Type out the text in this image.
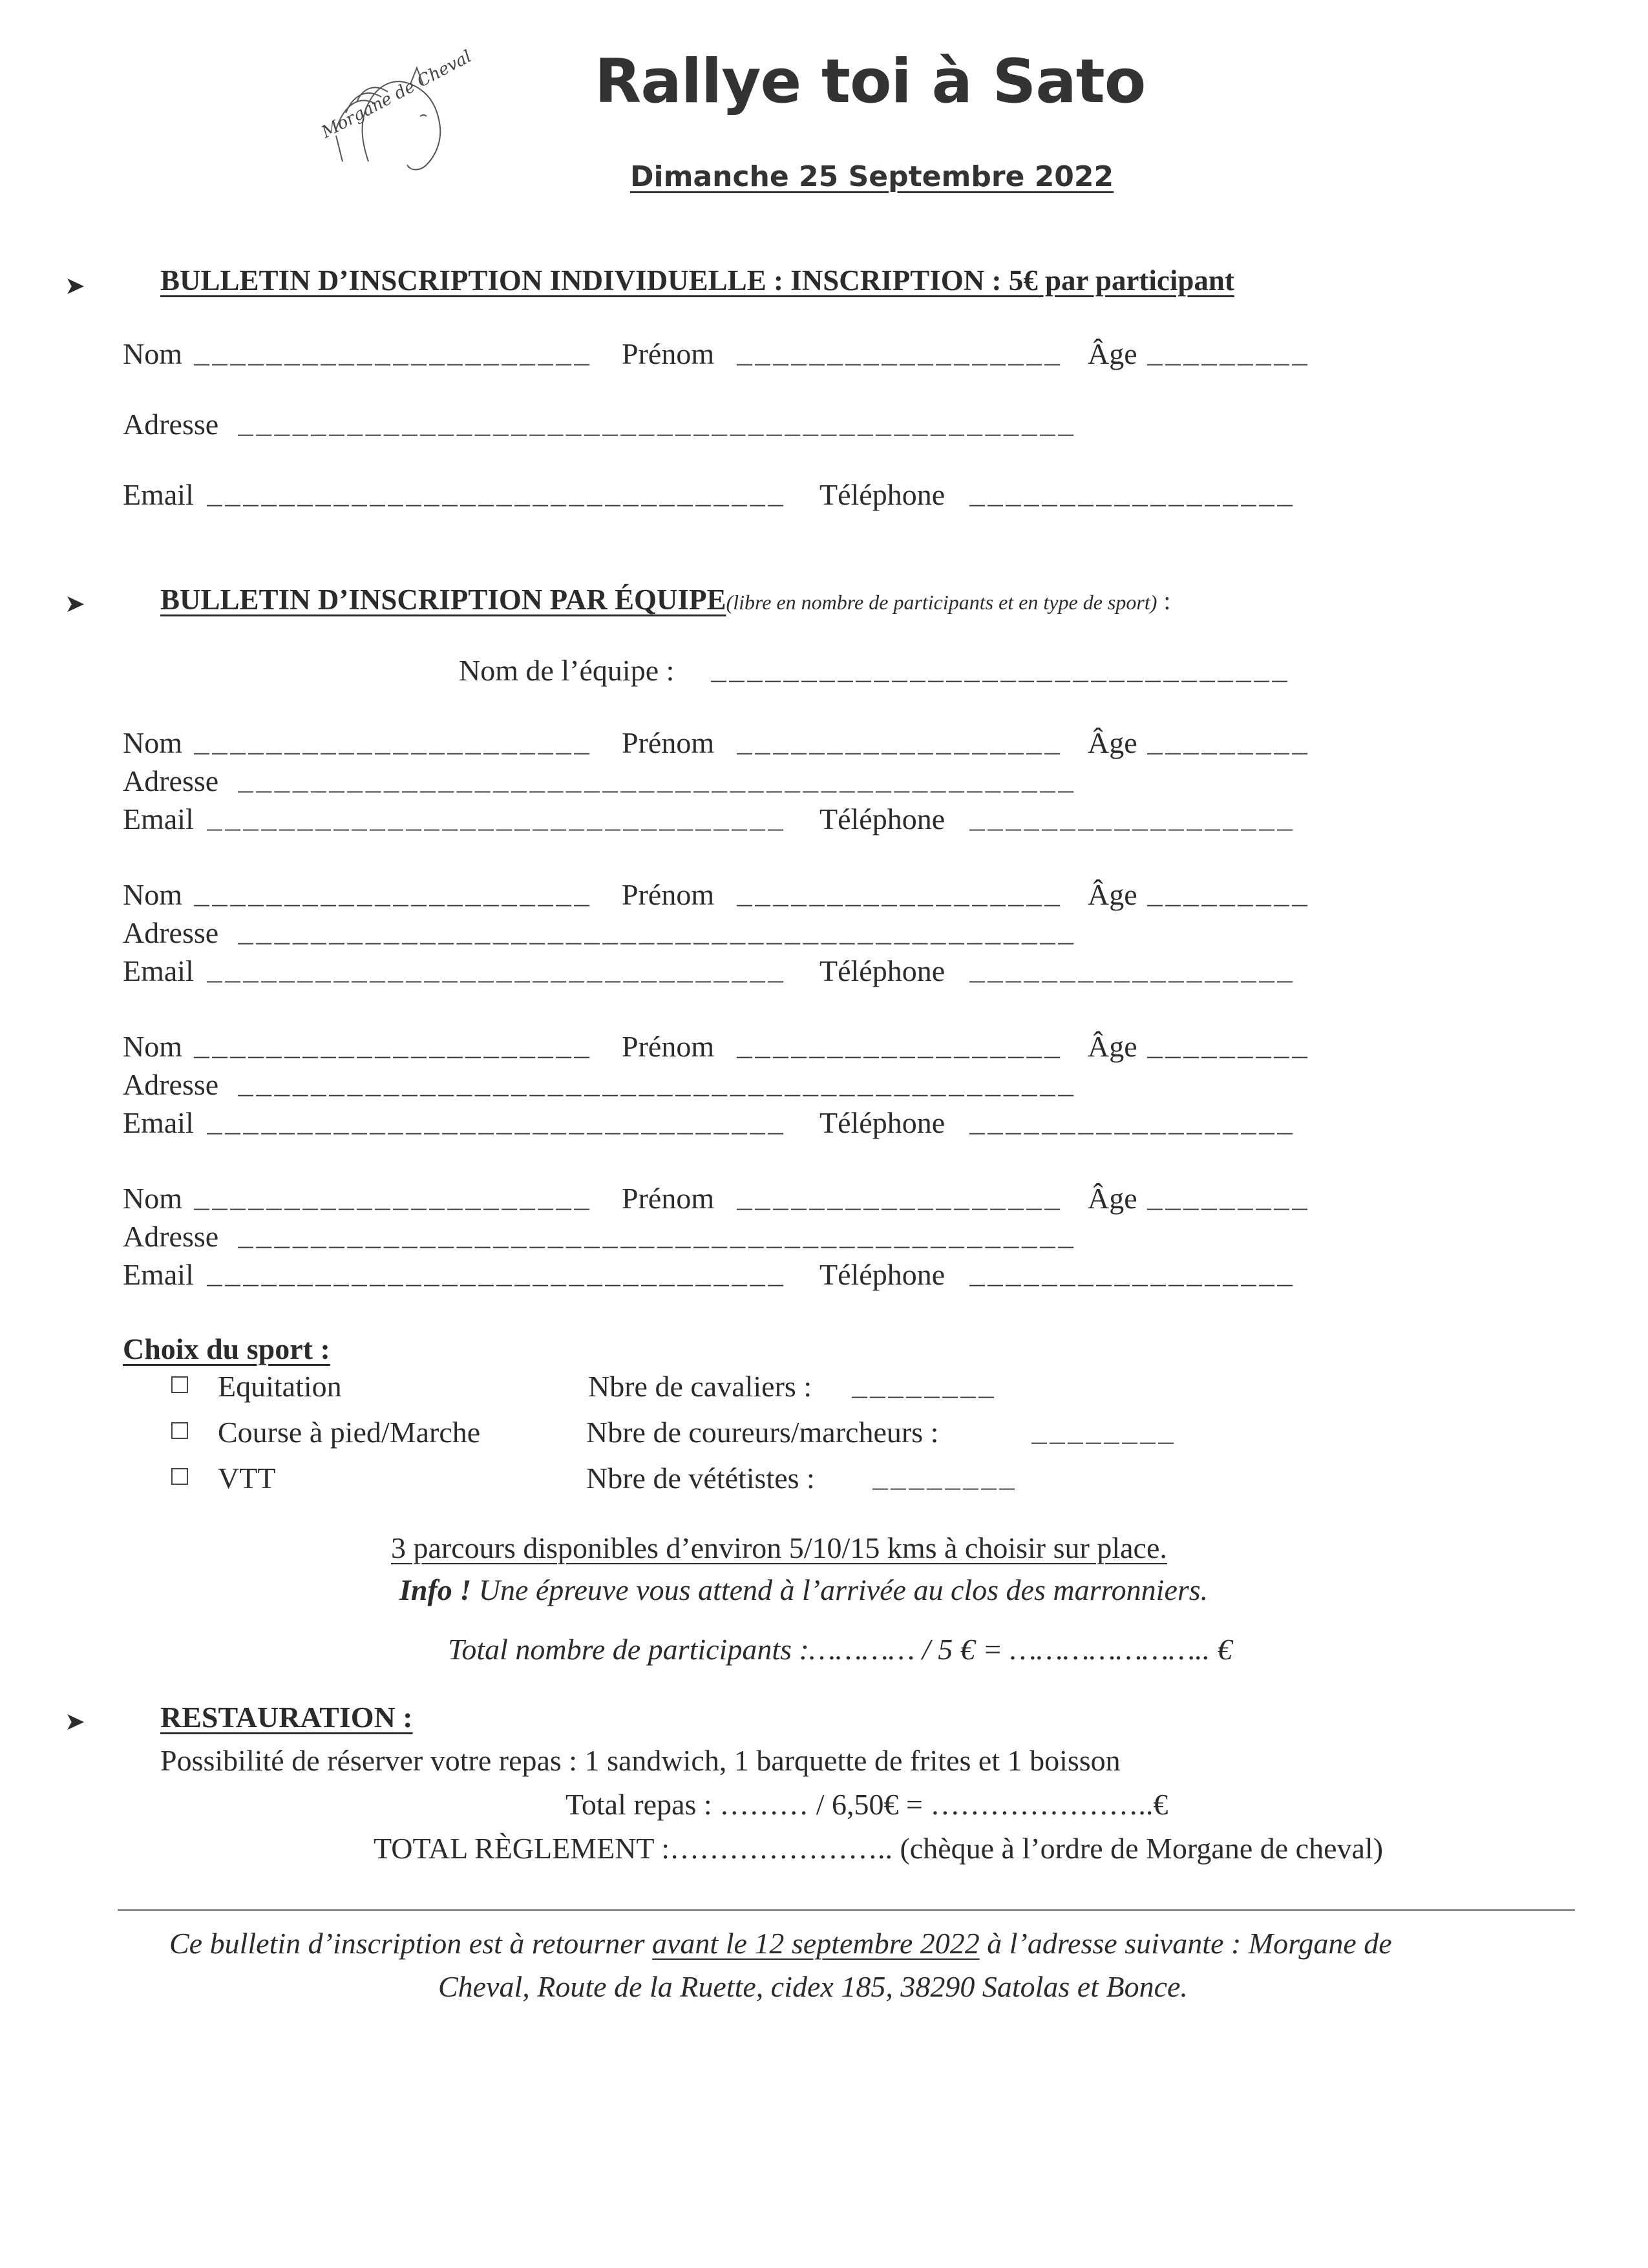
Morgane de Cheval Rallye toi à Sato
Dimanche 25 Septembre 2022
➤	BULLETIN D’INSCRIPTION INDIVIDUELLE : INSCRIPTION : 5€ par participant
Nom ______________________ Prénom __________________ Âge _________
Adresse ______________________________________________
Email ________________________________ Téléphone __________________
➤	BULLETIN D’INSCRIPTION PAR ÉQUIPE(libre en nombre de participants et en type de sport) :
Nom de l’équipe : ________________________________
Nom ______________________ Prénom __________________ Âge _________
Adresse ______________________________________________
Email ________________________________ Téléphone __________________
Nom ______________________ Prénom __________________ Âge _________
Adresse ______________________________________________
Email ________________________________ Téléphone __________________
Nom ______________________ Prénom __________________ Âge _________
Adresse ______________________________________________
Email ________________________________ Téléphone __________________
Nom ______________________ Prénom __________________ Âge _________
Adresse ______________________________________________
Email ________________________________ Téléphone __________________
Choix du sport :
Equitation	Nbre de cavaliers : ________
Course à pied/Marche	Nbre de coureurs/marcheurs :	________
VTT	Nbre de vététistes : ________
3 parcours disponibles d’environ 5/10/15 kms à choisir sur place.
Info ! Une épreuve vous attend à l’arrivée au clos des marronniers.
Total nombre de participants :………… / 5 € = ………………….. €
➤	RESTAURATION :
Possibilité de réserver votre repas : 1 sandwich, 1 barquette de frites et 1 boisson
Total repas : ……… / 6,50€ = …………………..€
TOTAL RÈGLEMENT :………………….. (chèque à l’ordre de Morgane de cheval)
Ce bulletin d’inscription est à retourner avant le 12 septembre 2022 à l’adresse suivante : Morgane de
Cheval, Route de la Ruette, cidex 185, 38290 Satolas et Bonce.
